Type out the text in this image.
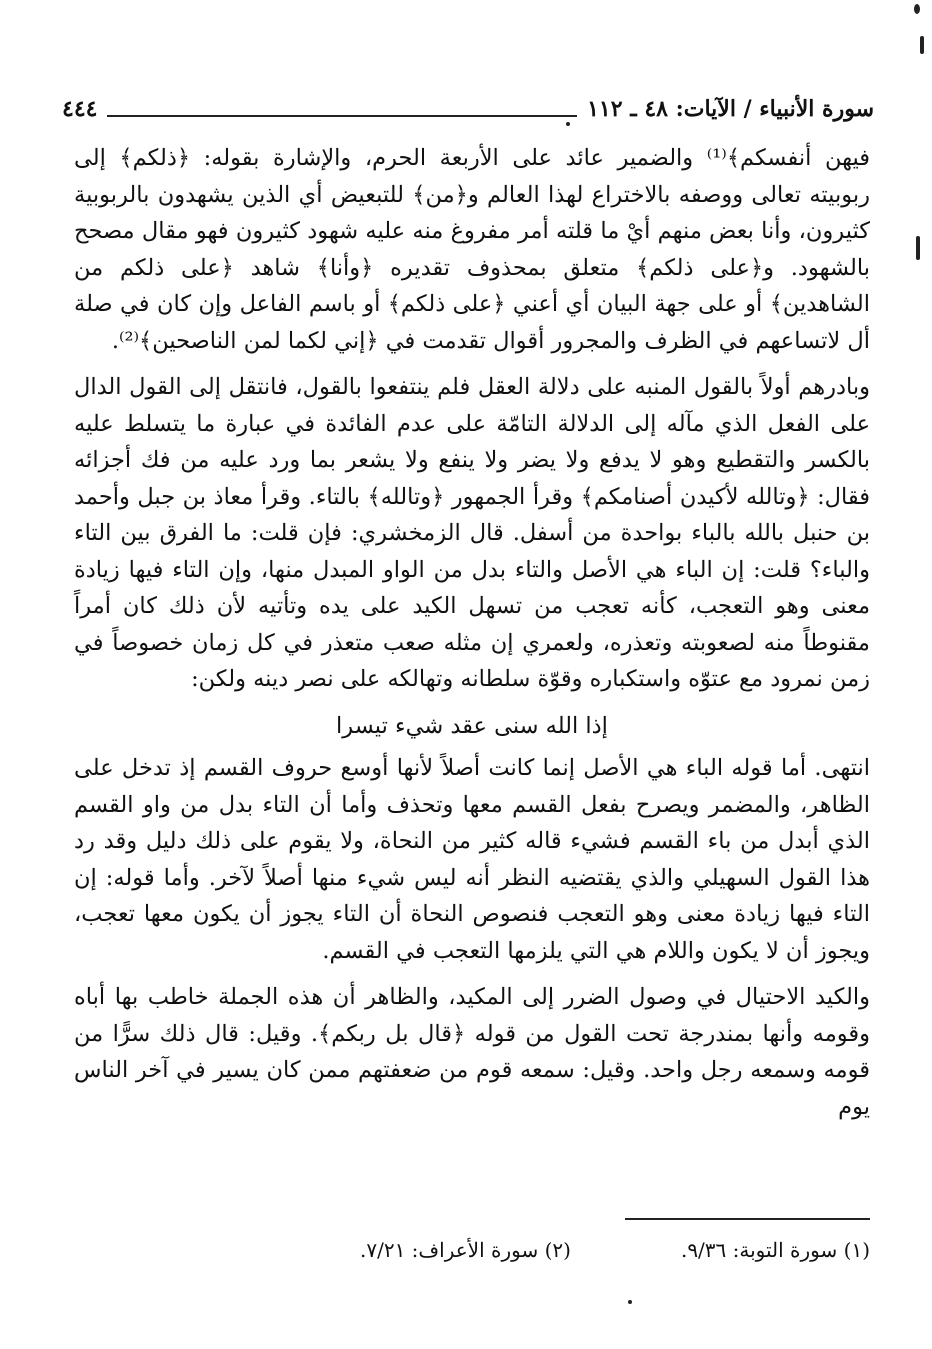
سورة الأنبياء / الآيات: ٤٨ ـ ١١٢
٤٤٤

فيهن أنفسكم﴾⁽¹⁾ والضمير عائد على الأربعة الحرم، والإشارة بقوله: ﴿ذلكم﴾ إلى ربوبيته تعالى ووصفه بالاختراع لهذا العالم و﴿من﴾ للتبعيض أي الذين يشهدون بالربوبية كثيرون، وأنا بعض منهم أيْ ما قلته أمر مفروغ منه عليه شهود كثيرون فهو مقال مصحح بالشهود. و﴿على ذلكم﴾ متعلق بمحذوف تقديره ﴿وأنا﴾ شاهد ﴿على ذلكم من الشاهدين﴾ أو على جهة البيان أي أعني ﴿على ذلكم﴾ أو باسم الفاعل وإن كان في صلة أل لاتساعهم في الظرف والمجرور أقوال تقدمت في ﴿إني لكما لمن الناصحين﴾⁽²⁾.

وبادرهم أولاً بالقول المنبه على دلالة العقل فلم ينتفعوا بالقول، فانتقل إلى القول الدال على الفعل الذي مآله إلى الدلالة التامّة على عدم الفائدة في عبارة ما يتسلط عليه بالكسر والتقطيع وهو لا يدفع ولا يضر ولا ينفع ولا يشعر بما ورد عليه من فك أجزائه فقال: ﴿وتالله لأكيدن أصنامكم﴾ وقرأ الجمهور ﴿وتالله﴾ بالتاء. وقرأ معاذ بن جبل وأحمد بن حنبل بالله بالباء بواحدة من أسفل. قال الزمخشري: فإن قلت: ما الفرق بين التاء والباء؟ قلت: إن الباء هي الأصل والتاء بدل من الواو المبدل منها، وإن التاء فيها زيادة معنى وهو التعجب، كأنه تعجب من تسهل الكيد على يده وتأتيه لأن ذلك كان أمراً مقنوطاً منه لصعوبته وتعذره، ولعمري إن مثله صعب متعذر في كل زمان خصوصاً في زمن نمرود مع عتوّه واستكباره وقوّة سلطانه وتهالكه على نصر دينه ولكن:

إذا الله سنى عقد شيء تيسرا

انتهى. أما قوله الباء هي الأصل إنما كانت أصلاً لأنها أوسع حروف القسم إذ تدخل على الظاهر، والمضمر ويصرح بفعل القسم معها وتحذف وأما أن التاء بدل من واو القسم الذي أبدل من باء القسم فشيء قاله كثير من النحاة، ولا يقوم على ذلك دليل وقد رد هذا القول السهيلي والذي يقتضيه النظر أنه ليس شيء منها أصلاً لآخر. وأما قوله: إن التاء فيها زيادة معنى وهو التعجب فنصوص النحاة أن التاء يجوز أن يكون معها تعجب، ويجوز أن لا يكون واللام هي التي يلزمها التعجب في القسم.

والكيد الاحتيال في وصول الضرر إلى المكيد، والظاهر أن هذه الجملة خاطب بها أباه وقومه وأنها بمندرجة تحت القول من قوله ﴿قال بل ربكم﴾. وقيل: قال ذلك سرًّا من قومه وسمعه رجل واحد. وقيل: سمعه قوم من ضعفتهم ممن كان يسير في آخر الناس يوم

(١) سورة التوبة: ٩/٣٦.
(٢) سورة الأعراف: ٧/٢١.
